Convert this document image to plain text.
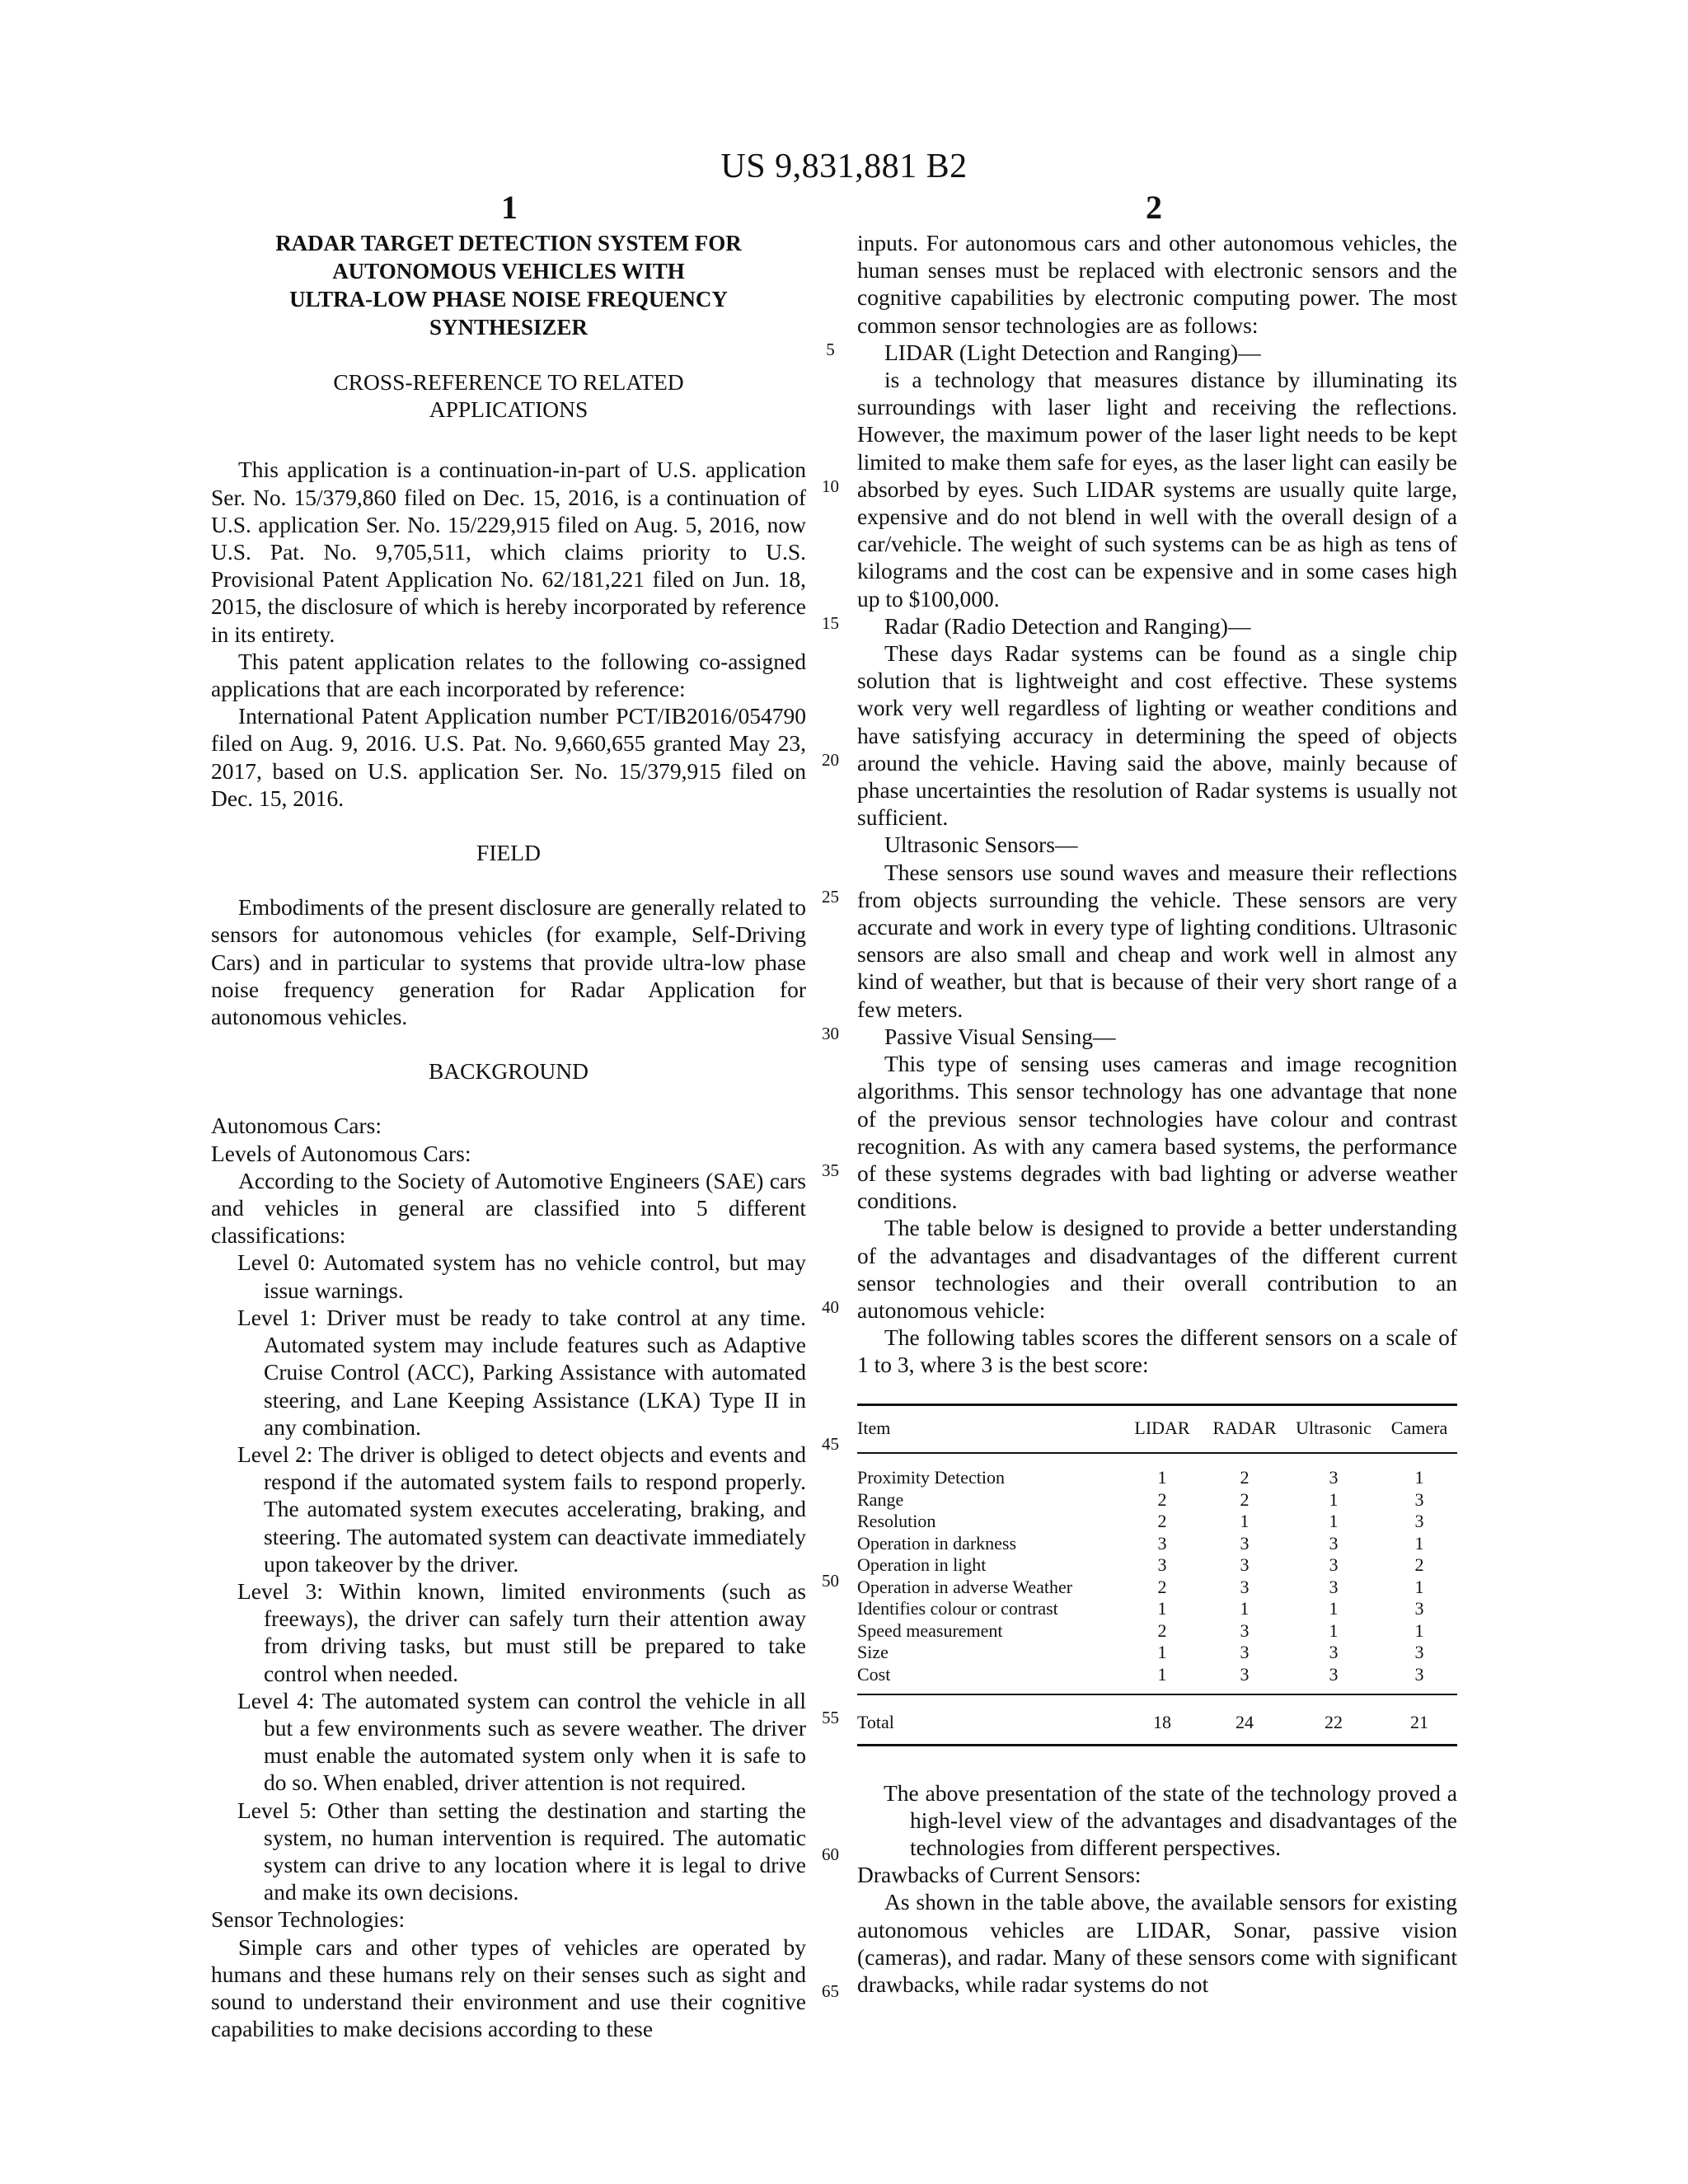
US 9,831,881 B2
1	2

RADAR TARGET DETECTION SYSTEM FOR

AUTONOMOUS VEHICLES WITH

ULTRA-LOW PHASE NOISE FREQUENCY

SYNTHESIZER

CROSS-REFERENCE TO RELATED

APPLICATIONS

This application is a continuation-in-part of U.S. application Ser. No. 15/379,860 filed on Dec. 15, 2016, is a continuation of U.S. application Ser. No. 15/229,915 filed on Aug. 5, 2016, now U.S. Pat. No. 9,705,511, which claims priority to U.S. Provisional Patent Application No. 62/181,221 filed on Jun. 18, 2015, the disclosure of which is hereby incorporated by reference in its entirety.

This patent application relates to the following co-assigned applications that are each incorporated by reference:

International Patent Application number PCT/IB2016/054790 filed on Aug. 9, 2016. U.S. Pat. No. 9,660,655 granted May 23, 2017, based on U.S. application Ser. No. 15/379,915 filed on Dec. 15, 2016.

FIELD

Embodiments of the present disclosure are generally related to sensors for autonomous vehicles (for example, Self-Driving Cars) and in particular to systems that provide ultra-low phase noise frequency generation for Radar Application for autonomous vehicles.

BACKGROUND

Autonomous Cars:

Levels of Autonomous Cars:

According to the Society of Automotive Engineers (SAE) cars and vehicles in general are classified into 5 different classifications:

Level 0: Automated system has no vehicle control, but may issue warnings.

Level 1: Driver must be ready to take control at any time. Automated system may include features such as Adaptive Cruise Control (ACC), Parking Assistance with automated steering, and Lane Keeping Assistance (LKA) Type II in any combination.

Level 2: The driver is obliged to detect objects and events and respond if the automated system fails to respond properly. The automated system executes accelerating, braking, and steering. The automated system can deactivate immediately upon takeover by the driver.

Level 3: Within known, limited environments (such as freeways), the driver can safely turn their attention away from driving tasks, but must still be prepared to take control when needed.

Level 4: The automated system can control the vehicle in all but a few environments such as severe weather. The driver must enable the automated system only when it is safe to do so. When enabled, driver attention is not required.

Level 5: Other than setting the destination and starting the system, no human intervention is required. The automatic system can drive to any location where it is legal to drive and make its own decisions.

Sensor Technologies:

Simple cars and other types of vehicles are operated by humans and these humans rely on their senses such as sight and sound to understand their environment and use their cognitive capabilities to make decisions according to these

5
10
15
20
25
30
35
40
45
50
55
60
65

inputs. For autonomous cars and other autonomous vehicles, the human senses must be replaced with electronic sensors and the cognitive capabilities by electronic computing power. The most common sensor technologies are as follows:

LIDAR (Light Detection and Ranging)—

is a technology that measures distance by illuminating its surroundings with laser light and receiving the reflections. However, the maximum power of the laser light needs to be kept limited to make them safe for eyes, as the laser light can easily be absorbed by eyes. Such LIDAR systems are usually quite large, expensive and do not blend in well with the overall design of a car/vehicle. The weight of such systems can be as high as tens of kilograms and the cost can be expensive and in some cases high up to $100,000.

Radar (Radio Detection and Ranging)—

These days Radar systems can be found as a single chip solution that is lightweight and cost effective. These systems work very well regardless of lighting or weather conditions and have satisfying accuracy in determining the speed of objects around the vehicle. Having said the above, mainly because of phase uncertainties the resolution of Radar systems is usually not sufficient.

Ultrasonic Sensors—

These sensors use sound waves and measure their reflections from objects surrounding the vehicle. These sensors are very accurate and work in every type of lighting conditions. Ultrasonic sensors are also small and cheap and work well in almost any kind of weather, but that is because of their very short range of a few meters.

Passive Visual Sensing—

This type of sensing uses cameras and image recognition algorithms. This sensor technology has one advantage that none of the previous sensor technologies have colour and contrast recognition. As with any camera based systems, the performance of these systems degrades with bad lighting or adverse weather conditions.

The table below is designed to provide a better understanding of the advantages and disadvantages of the different current sensor technologies and their overall contribution to an autonomous vehicle:

The following tables scores the different sensors on a scale of 1 to 3, where 3 is the best score:

Item	LIDAR	RADAR	Ultrasonic	Camera
Proximity Detection	1	2	3	1
Range	2	2	1	3
Resolution	2	1	1	3
Operation in darkness	3	3	3	1
Operation in light	3	3	3	2
Operation in adverse Weather	2	3	3	1
Identifies colour or contrast	1	1	1	3
Speed measurement	2	3	1	1
Size	1	3	3	3
Cost	1	3	3	3
Total	18	24	22	21

The above presentation of the state of the technology proved a high-level view of the advantages and disadvantages of the technologies from different perspectives.

Drawbacks of Current Sensors:

As shown in the table above, the available sensors for existing autonomous vehicles are LIDAR, Sonar, passive vision (cameras), and radar. Many of these sensors come with significant drawbacks, while radar systems do not
